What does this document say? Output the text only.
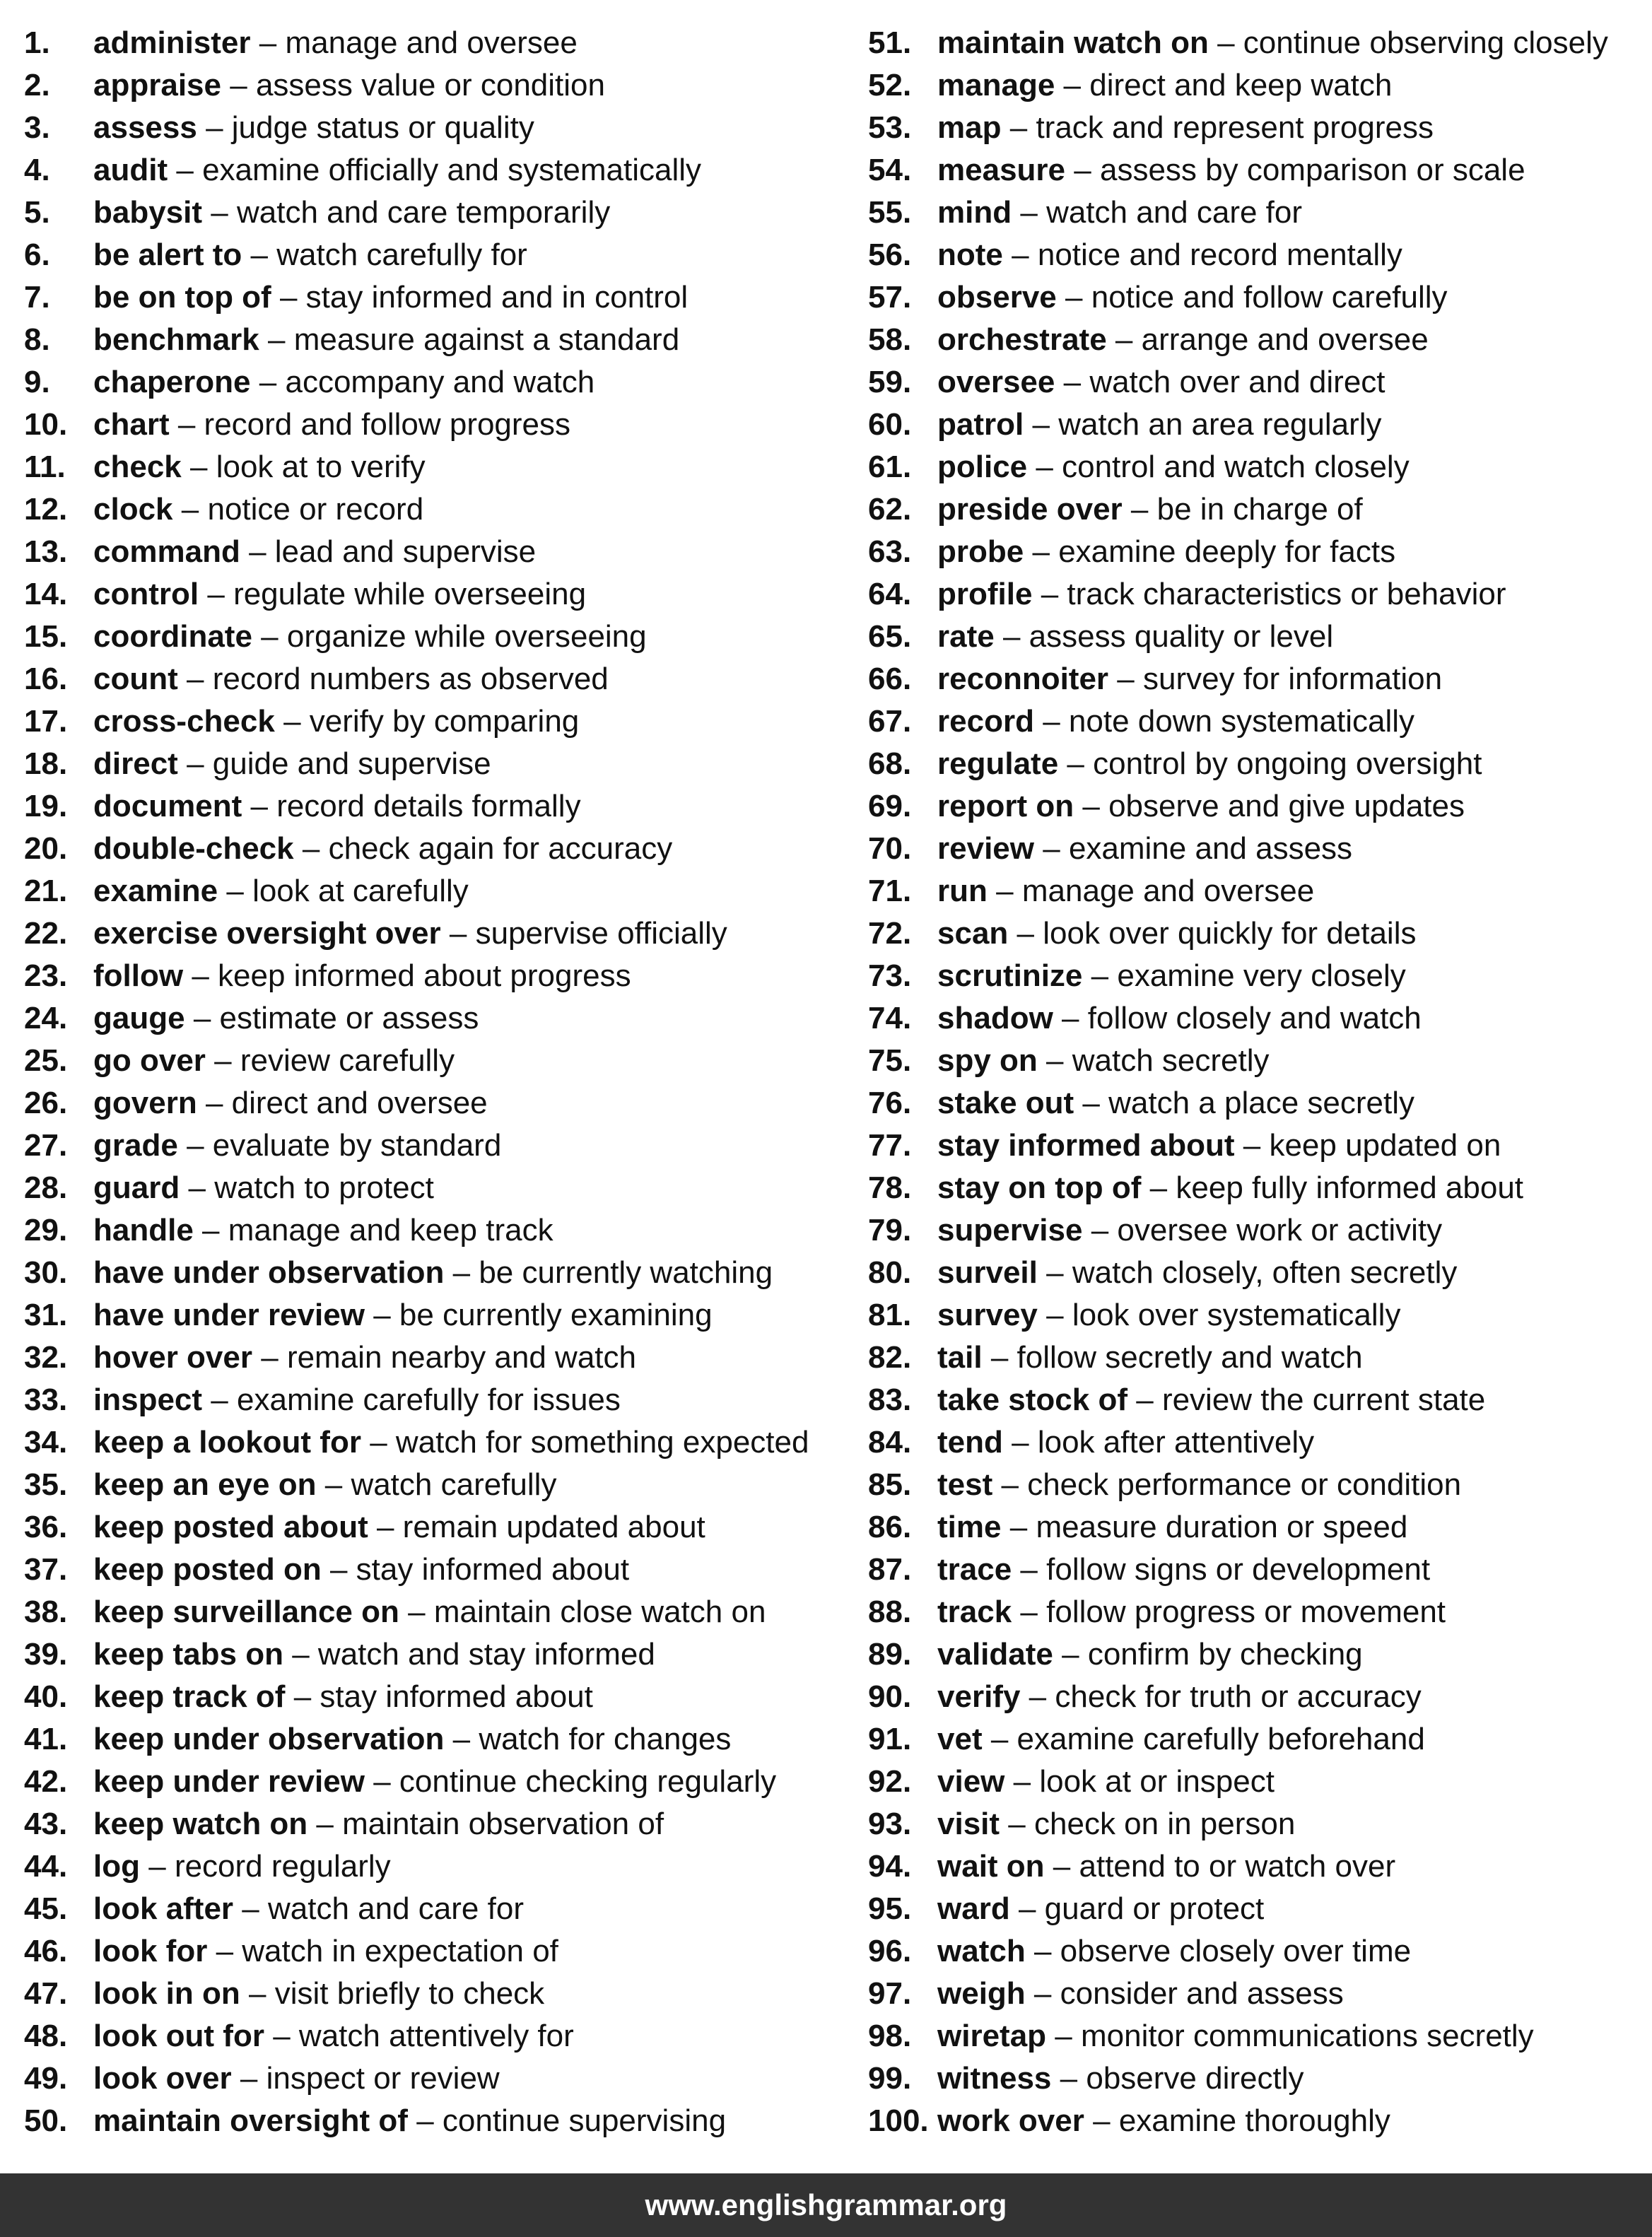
1.	administer – manage and oversee
2.	appraise – assess value or condition
3.	assess – judge status or quality
4.	audit – examine officially and systematically
5.	babysit – watch and care temporarily
6.	be alert to – watch carefully for
7.	be on top of – stay informed and in control
8.	benchmark – measure against a standard
9.	chaperone – accompany and watch
10. chart – record and follow progress
11. check – look at to verify
12. clock – notice or record
13. command – lead and supervise
14. control – regulate while overseeing
15. coordinate – organize while overseeing
16. count – record numbers as observed
17. cross-check – verify by comparing
18. direct – guide and supervise
19. document – record details formally
20. double-check – check again for accuracy
21. examine – look at carefully
22. exercise oversight over – supervise officially
23. follow – keep informed about progress
24. gauge – estimate or assess
25. go over – review carefully
26. govern – direct and oversee
27. grade – evaluate by standard
28. guard – watch to protect
29. handle – manage and keep track
30. have under observation – be currently watching
31. have under review – be currently examining
32. hover over – remain nearby and watch
33. inspect – examine carefully for issues
34. keep a lookout for – watch for something expected
35. keep an eye on – watch carefully
36. keep posted about – remain updated about
37. keep posted on – stay informed about
38. keep surveillance on – maintain close watch on
39. keep tabs on – watch and stay informed
40. keep track of – stay informed about
41. keep under observation – watch for changes
42. keep under review – continue checking regularly
43. keep watch on – maintain observation of
44. log – record regularly
45. look after – watch and care for
46. look for – watch in expectation of
47. look in on – visit briefly to check
48. look out for – watch attentively for
49. look over – inspect or review
50. maintain oversight of – continue supervising
51. maintain watch on – continue observing closely
52. manage – direct and keep watch
53. map – track and represent progress
54. measure – assess by comparison or scale
55. mind – watch and care for
56. note – notice and record mentally
57. observe – notice and follow carefully
58. orchestrate – arrange and oversee
59. oversee – watch over and direct
60. patrol – watch an area regularly
61. police – control and watch closely
62. preside over – be in charge of
63. probe – examine deeply for facts
64. profile – track characteristics or behavior
65. rate – assess quality or level
66. reconnoiter – survey for information
67. record – note down systematically
68. regulate – control by ongoing oversight
69. report on – observe and give updates
70. review – examine and assess
71. run – manage and oversee
72. scan – look over quickly for details
73. scrutinize – examine very closely
74. shadow – follow closely and watch
75. spy on – watch secretly
76. stake out – watch a place secretly
77. stay informed about – keep updated on
78. stay on top of – keep fully informed about
79. supervise – oversee work or activity
80. surveil – watch closely, often secretly
81. survey – look over systematically
82. tail – follow secretly and watch
83. take stock of – review the current state
84. tend – look after attentively
85. test – check performance or condition
86. time – measure duration or speed
87. trace – follow signs or development
88. track – follow progress or movement
89. validate – confirm by checking
90. verify – check for truth or accuracy
91. vet – examine carefully beforehand
92. view – look at or inspect
93. visit – check on in person
94. wait on – attend to or watch over
95. ward – guard or protect
96. watch – observe closely over time
97. weigh – consider and assess
98. wiretap – monitor communications secretly
99. witness – observe directly
100. work over – examine thoroughly
www.englishgrammar.org
